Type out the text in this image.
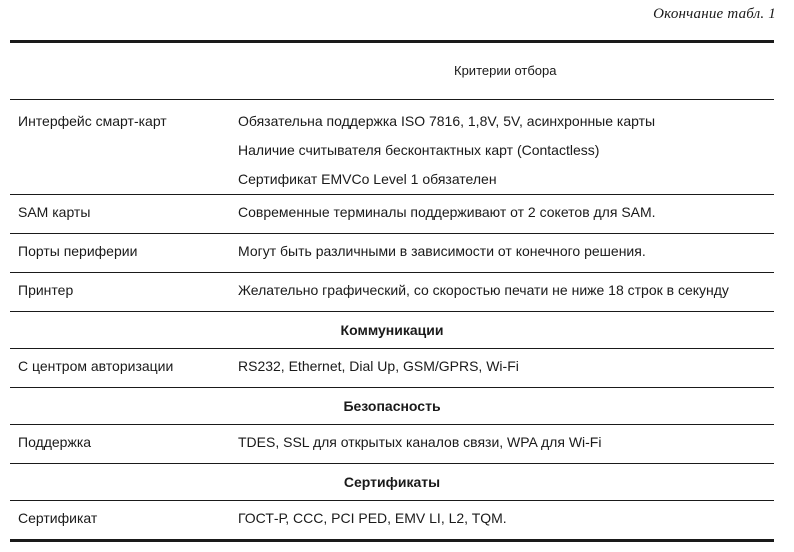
Окончание табл. 1
Критерии отбора
Интерфейс смарт-карт	Обязательна поддержка ISO 7816, 1,8V, 5V, асинхронные карты
Наличие считывателя бесконтактных карт (Contactless)
Сертификат EMVCo Level 1 обязателен
SAM карты	Современные терминалы поддерживают от 2 сокетов для SAM.
Порты периферии	Могут быть различными в зависимости от конечного решения.
Принтер	Желательно графический, со скоростью печати не ниже 18 строк в секунду
Коммуникации
С центром авторизации	RS232, Ethernet, Dial Up, GSM/GPRS, Wi-Fi
Безопасность
Поддержка	TDES, SSL для открытых каналов связи, WPA для Wi-Fi
Сертификаты
Сертификат	ГОСТ-Р, CCC, PCI PED, EMV LI, L2, TQM.
